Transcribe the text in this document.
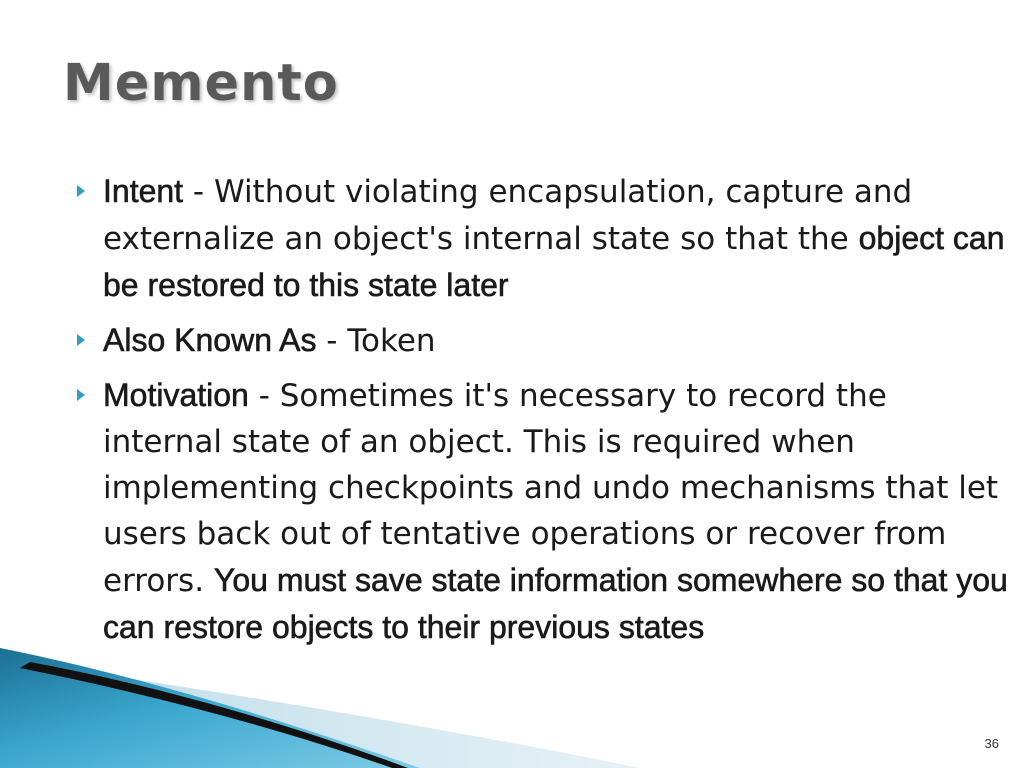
Memento
Intent - Without violating encapsulation, capture and externalize an object's internal state so that the object can be restored to this state later
Also Known As - Token
Motivation - Sometimes it's necessary to record the internal state of an object. This is required when implementing checkpoints and undo mechanisms that let users back out of tentative operations or recover from errors. You must save state information somewhere so that you can restore objects to their previous states
36
